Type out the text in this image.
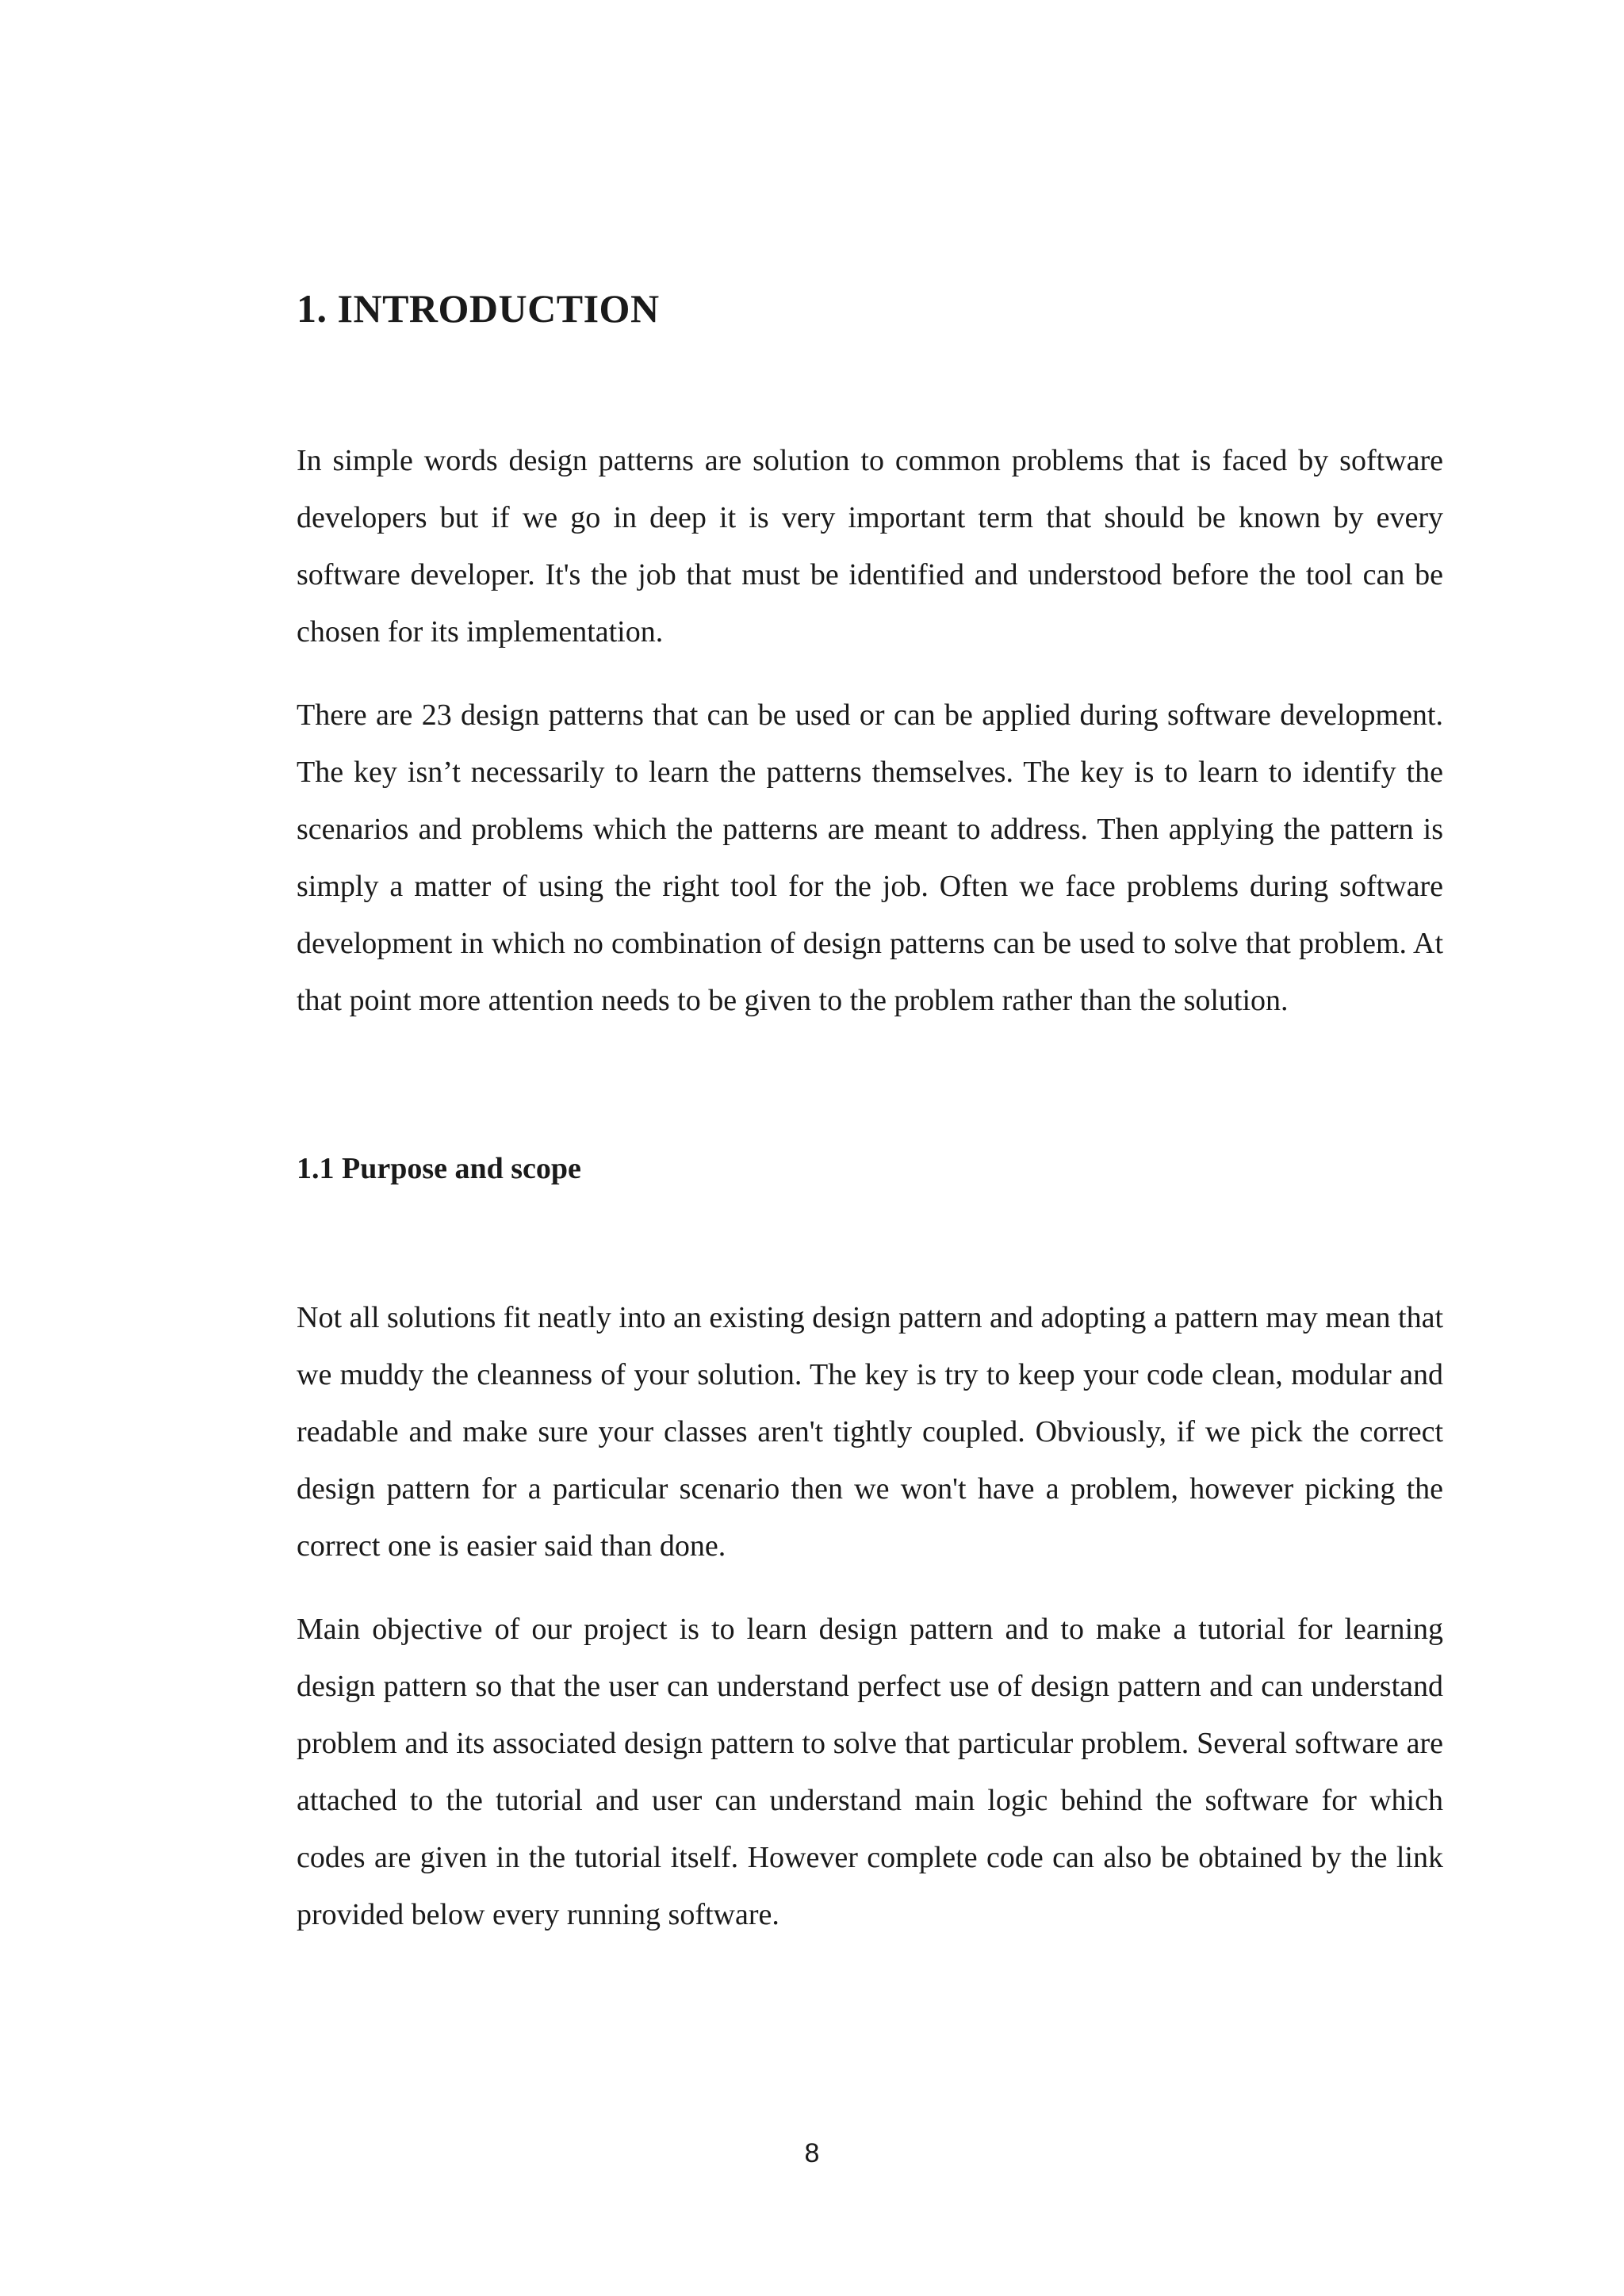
1. INTRODUCTION

In simple words design patterns are solution to common problems that is faced by software developers but if we go in deep it is very important term that should be known by every software developer. It's the job that must be identified and understood before the tool can be chosen for its implementation.

There are 23 design patterns that can be used or can be applied during software development. The key isn’t necessarily to learn the patterns themselves. The key is to learn to identify the scenarios and problems which the patterns are meant to address. Then applying the pattern is simply a matter of using the right tool for the job. Often we face problems during software development in which no combination of design patterns can be used to solve that problem. At that point more attention needs to be given to the problem rather than the solution.

1.1 Purpose and scope

Not all solutions fit neatly into an existing design pattern and adopting a pattern may mean that we muddy the cleanness of your solution. The key is try to keep your code clean, modular and readable and make sure your classes aren't tightly coupled. Obviously, if we pick the correct design pattern for a particular scenario then we won't have a problem, however picking the correct one is easier said than done.

Main objective of our project is to learn design pattern and to make a tutorial for learning design pattern so that the user can understand perfect use of design pattern and can understand problem and its associated design pattern to solve that particular problem. Several software are attached to the tutorial and user can understand main logic behind the software for which codes are given in the tutorial itself. However complete code can also be obtained by the link provided below every running software.

8
